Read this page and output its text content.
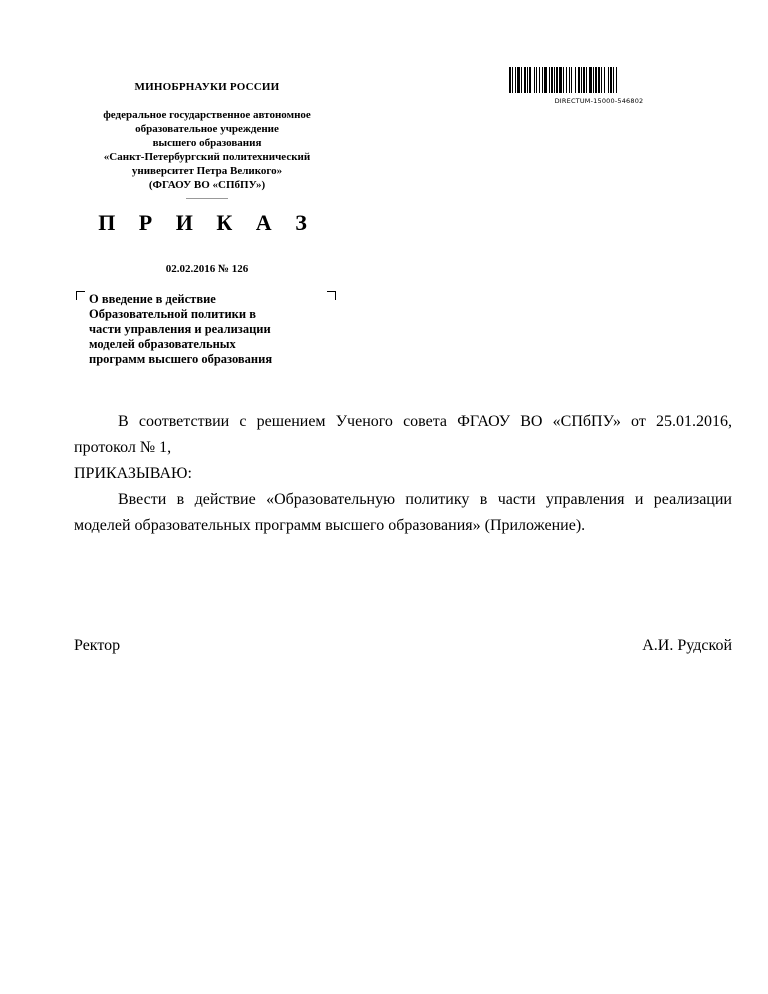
DIRECTUM-15000-546802
МИНОБРНАУКИ РОССИИ
федеральное государственное автономное
образовательное учреждение
высшего образования
«Санкт-Петербургский политехнический
университет Петра Великого»
(ФГАОУ ВО «СПбПУ»)
П Р И К А З
02.02.2016 № 126
О введение в действие
Образовательной политики в
части управления и реализации
моделей образовательных
программ высшего образования

В соответствии с решением Ученого совета ФГАОУ ВО «СПбПУ» от 25.01.2016, протокол № 1,

ПРИКАЗЫВАЮ:

Ввести в действие «Образовательную политику в части управления и реализации моделей образовательных программ высшего образования» (Приложение).

Ректор	А.И. Рудской
